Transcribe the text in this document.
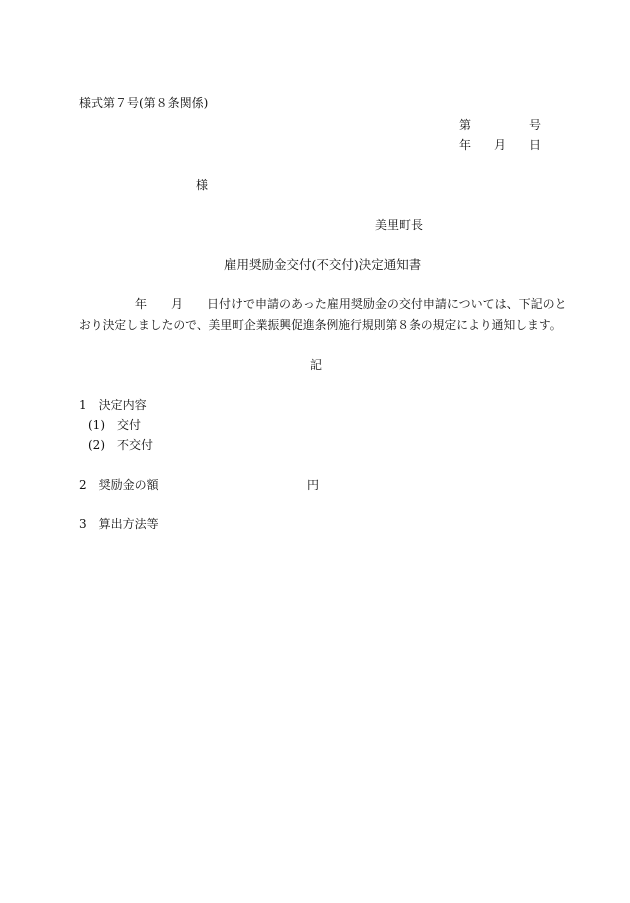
様式第７号(第８条関係)
第	号
年 月 日
様
美里町長
雇用奨励金交付(不交付)決定通知書
年 月 日付けで申請のあった雇用奨励金の交付申請については、下記のと
おり決定しましたので、美里町企業振興促進条例施行規則第８条の規定により通知します。
記
1 決定内容
(1) 交付
(2) 不交付
2 奨励金の額	円
3 算出方法等
